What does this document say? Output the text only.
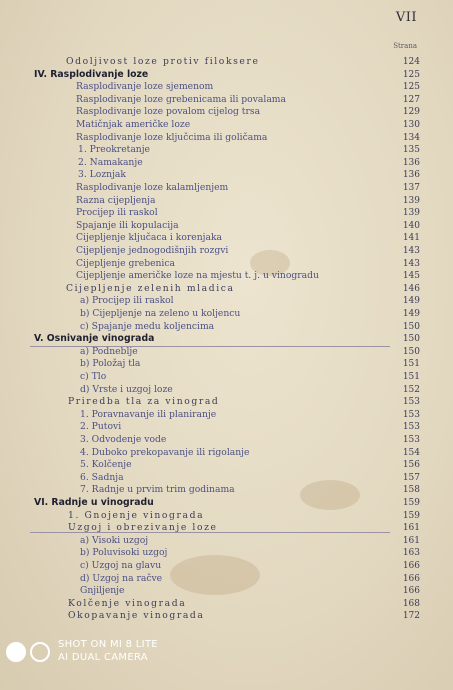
VII
Strana
Odoljivost loze protiv filoksere	124
IV. Rasplodivanje loze	125
Rasplodivanje loze sjemenom	125
Rasplodivanje loze grebenicama ili povalama	127
Rasplodivanje loze povalom cijelog trsa	129
Matičnjak američke loze	130
Rasplodivanje loze ključcima ili goličama	134
1. Preokretanje	135
2. Namakanje	136
3. Loznjak	136
Rasplodivanje loze kalamljenjem	137
Razna cijepljenja	139
Procijep ili raskol	139
Spajanje ili kopulacija	140
Cijepljenje ključaca i korenjaka	141
Cijepljenje jednogodišnjih rozgvi	143
Cijepljenje grebenica	143
Cijepljenje američke loze na mjestu t. j. u vinogradu	145
Cijepljenje zelenih mladica	146
a) Procijep ili raskol	149
b) Cijepljenje na zeleno u koljencu	149
c) Spajanje medu koljencima	150
V. Osnivanje vinograda	150
a) Podneblje	150
b) Položaj tla	151
c) Tlo	151
d) Vrste i uzgoj loze	152
Priredba tla za vinograd	153
1. Poravnavanje ili planiranje	153
2. Putovi	153
3. Odvodenje vode	153
4. Duboko prekopavanje ili rigolanje	154
5. Kolčenje	156
6. Sadnja	157
7. Radnje u prvim trim godinama	158
VI. Radnje u vinogradu	159
1. Gnojenje vinograda	159
Uzgoj i obrezivanje loze	161
a) Visoki uzgoj	161
b) Poluvisoki uzgoj	163
c) Uzgoj na glavu	166
d) Uzgoj na račve	166
Gnjiljenje	166
Kolčenje vinograda	168
Okopavanje vinograda	172
SHOT ON MI 8 LITE
AI DUAL CAMERA
